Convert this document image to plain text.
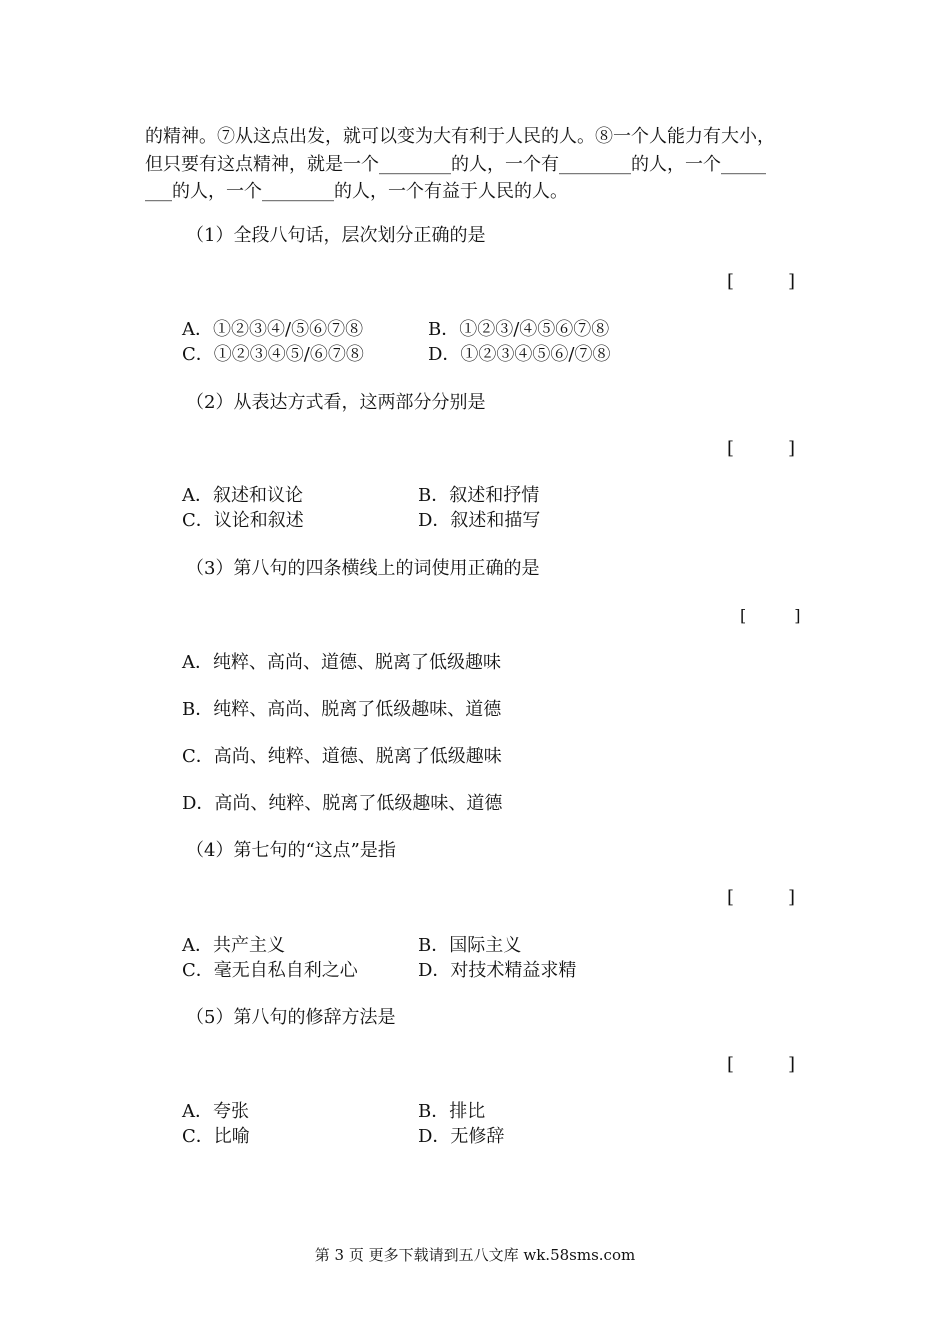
的精神。⑦从这点出发，就可以变为大有利于人民的人。⑧一个人能力有大小，
但只要有这点精神，就是一个________的人，一个有________的人，一个_____
___的人，一个________的人，一个有益于人民的人。
（1）全段八句话，层次划分正确的是
[　　　]
A．①②③④/⑤⑥⑦⑧	B．①②③/④⑤⑥⑦⑧
C．①②③④⑤/⑥⑦⑧	D．①②③④⑤⑥/⑦⑧
（2）从表达方式看，这两部分分别是
[　　　]
A．叙述和议论	B．叙述和抒情
C．议论和叙述	D．叙述和描写
（3）第八句的四条横线上的词使用正确的是
[　　　]
A．纯粹、高尚、道德、脱离了低级趣味
B．纯粹、高尚、脱离了低级趣味、道德
C．高尚、纯粹、道德、脱离了低级趣味
D．高尚、纯粹、脱离了低级趣味、道德
（4）第七句的“这点”是指
[　　　]
A．共产主义	B．国际主义
C．毫无自私自利之心	D．对技术精益求精
（5）第八句的修辞方法是
[　　　]
A．夸张	B．排比
C．比喻	D．无修辞
第 3 页 更多下载请到五八文库 wk.58sms.com
